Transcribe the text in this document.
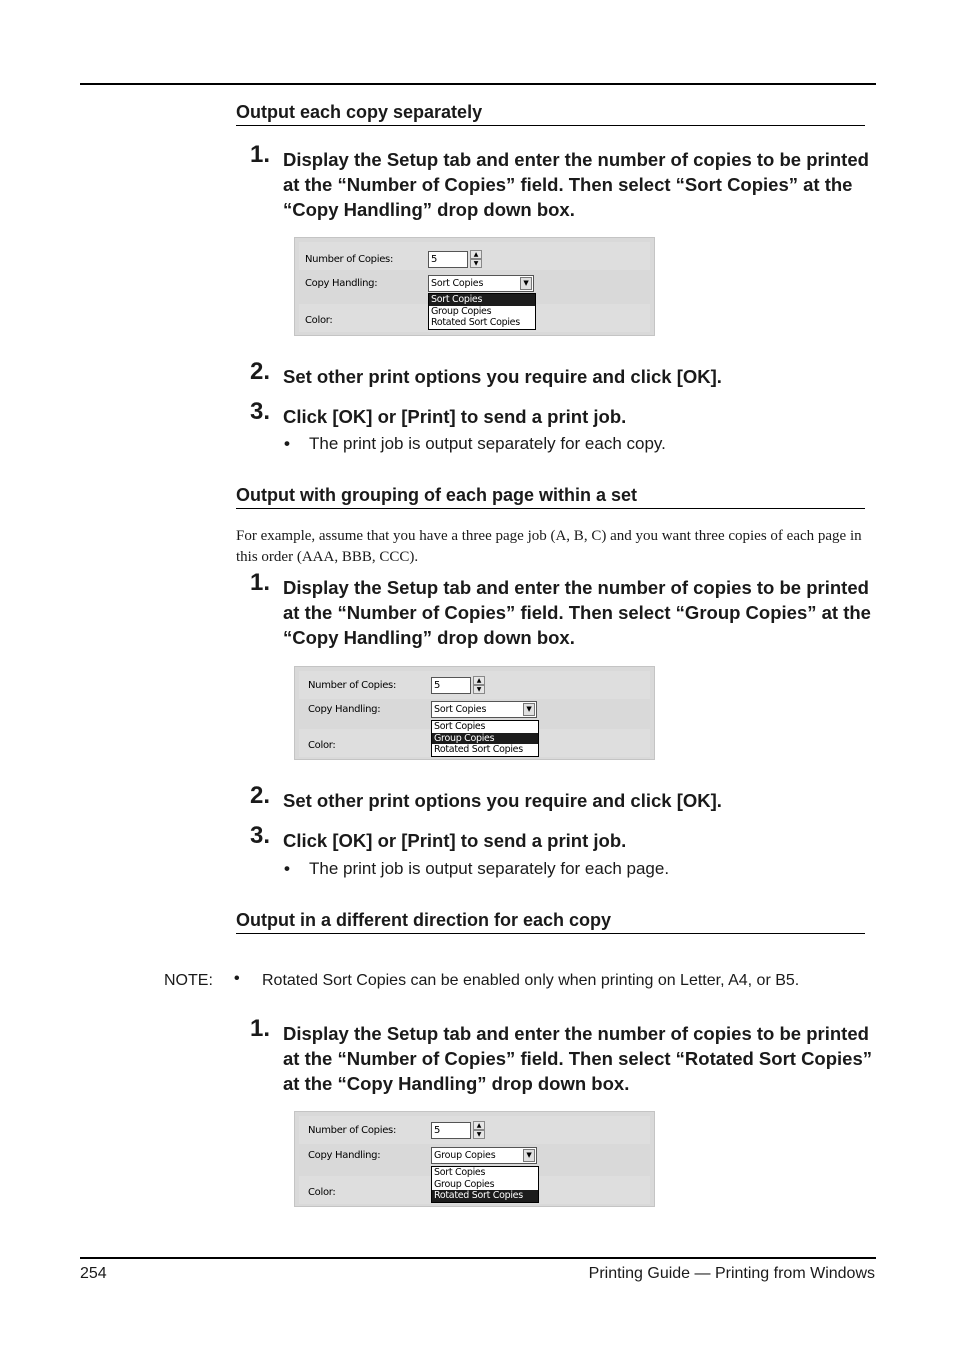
Output each copy separately
1. Display the Setup tab and enter the number of copies to be printed at the “Number of Copies” field. Then select “Sort Copies” at the “Copy Handling” drop down box.
Number of Copies:	5	▲
▼
Copy Handling:	Sort Copies	▼
Sort Copies
Group Copies
Rotated Sort Copies
Color:
2. Set other print options you require and click [OK].
3. Click [OK] or [Print] to send a print job.
• The print job is output separately for each copy.
Output with grouping of each page within a set
For example, assume that you have a three page job (A, B, C) and you want three copies of each page in this order (AAA, BBB, CCC).
1. Display the Setup tab and enter the number of copies to be printed at the “Number of Copies” field. Then select “Group Copies” at the “Copy Handling” drop down box.
Number of Copies:	5	▲
▼
Copy Handling:	Sort Copies	▼
Sort Copies
Group Copies
Rotated Sort Copies
Color:
2. Set other print options you require and click [OK].
3. Click [OK] or [Print] to send a print job.
• The print job is output separately for each page.
Output in a different direction for each copy
NOTE: • Rotated Sort Copies can be enabled only when printing on Letter, A4, or B5.
1. Display the Setup tab and enter the number of copies to be printed at the “Number of Copies” field. Then select “Rotated Sort Copies” at the “Copy Handling” drop down box.
Number of Copies:	5	▲
▼
Copy Handling:	Group Copies	▼
Sort Copies
Group Copies
Rotated Sort Copies
Color:
254	Printing Guide — Printing from Windows
